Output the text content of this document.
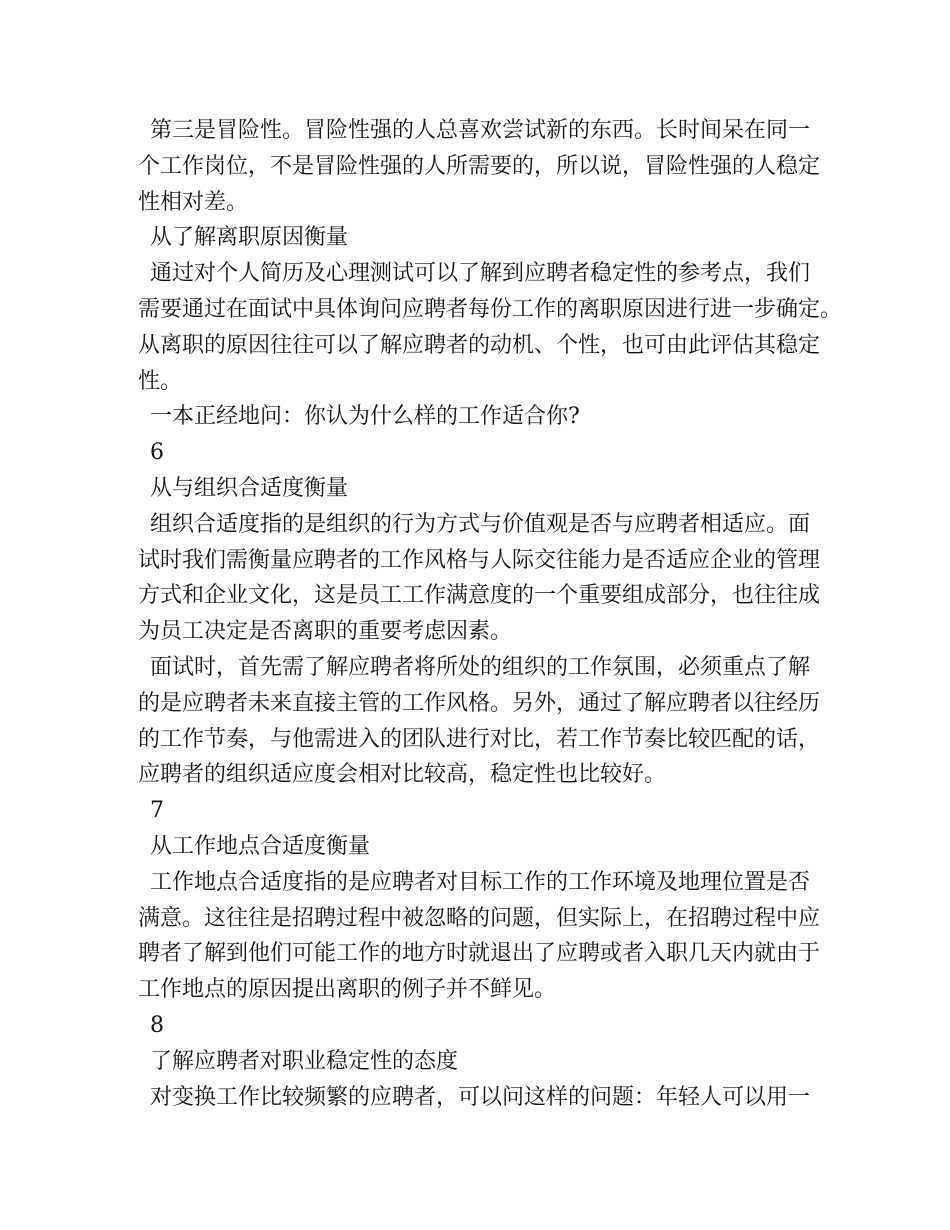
第三是冒险性。冒险性强的人总喜欢尝试新的东西。长时间呆在同一
个工作岗位，不是冒险性强的人所需要的，所以说，冒险性强的人稳定
性相对差。
从了解离职原因衡量
通过对个人简历及心理测试可以了解到应聘者稳定性的参考点，我们
需要通过在面试中具体询问应聘者每份工作的离职原因进行进一步确定。
从离职的原因往往可以了解应聘者的动机、个性，也可由此评估其稳定
性。
一本正经地问：你认为什么样的工作适合你?
6
从与组织合适度衡量
组织合适度指的是组织的行为方式与价值观是否与应聘者相适应。面
试时我们需衡量应聘者的工作风格与人际交往能力是否适应企业的管理
方式和企业文化，这是员工工作满意度的一个重要组成部分，也往往成
为员工决定是否离职的重要考虑因素。
面试时，首先需了解应聘者将所处的组织的工作氛围，必须重点了解
的是应聘者未来直接主管的工作风格。另外，通过了解应聘者以往经历
的工作节奏，与他需进入的团队进行对比，若工作节奏比较匹配的话，
应聘者的组织适应度会相对比较高，稳定性也比较好。
7
从工作地点合适度衡量
工作地点合适度指的是应聘者对目标工作的工作环境及地理位置是否
满意。这往往是招聘过程中被忽略的问题，但实际上，在招聘过程中应
聘者了解到他们可能工作的地方时就退出了应聘或者入职几天内就由于
工作地点的原因提出离职的例子并不鲜见。
8
了解应聘者对职业稳定性的态度
对变换工作比较频繁的应聘者，可以问这样的问题：年轻人可以用一
